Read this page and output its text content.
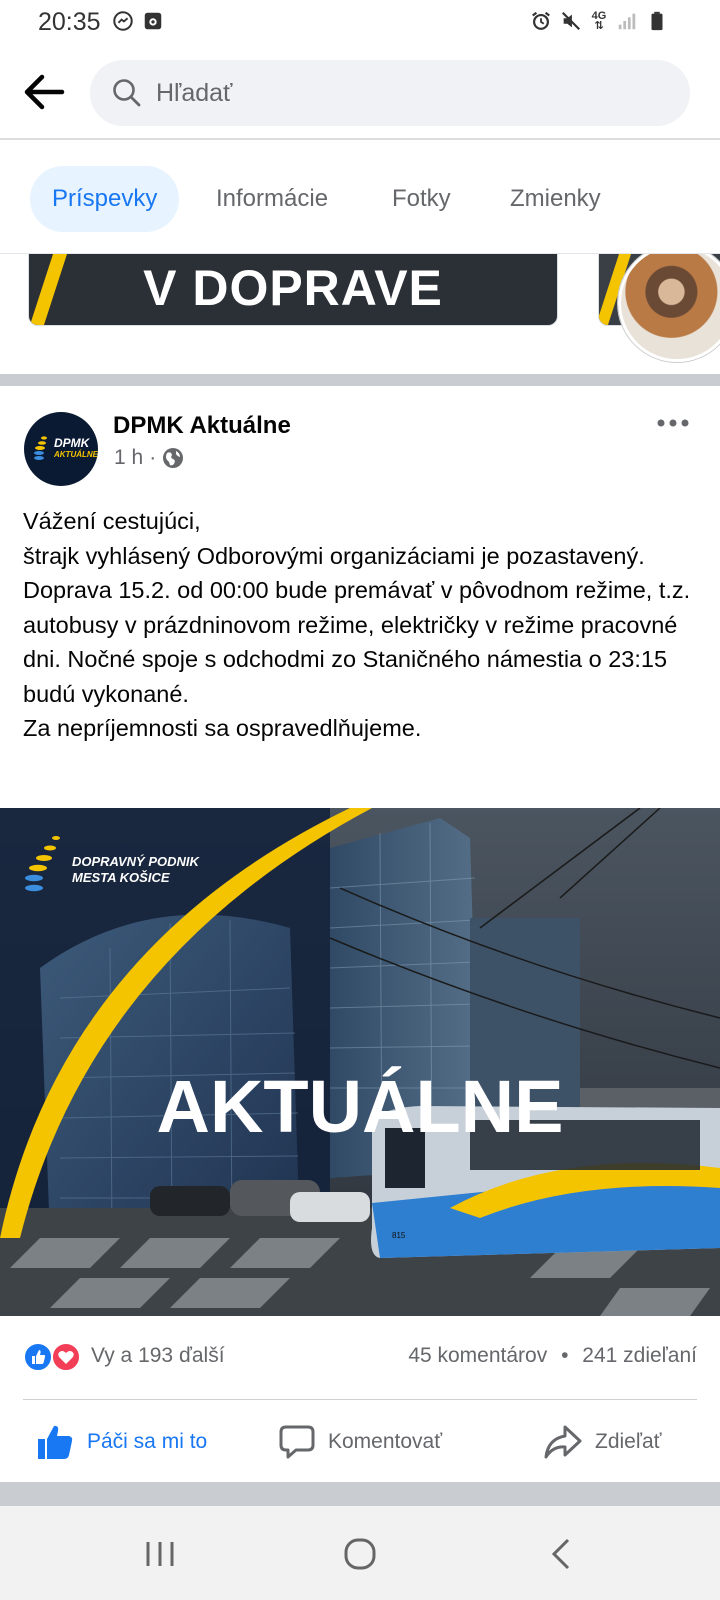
20:35	4G
⇅
Hľadať
Príspevky	Informácie	Fotky	Zmienky
V DOPRAVE
DPMK
AKTUÁLNE
DPMK Aktuálne
1 h ·
Vážení cestujúci,
štrajk vyhlásený Odborovými organizáciami je pozastavený. Doprava 15.2. od 00:00 bude premávať v pôvodnom režime, t.z. autobusy v prázdninovom režime, električky v režime pracovné dni. Nočné spoje s odchodmi zo Staničného námestia o 23:15 budú vykonané.
Za nepríjemnosti sa ospravedlňujeme.
815
DOPRAVNÝ PODNIK
MESTA KOŠICE
AKTUÁLNE
Vy a 193 ďalší	45 komentárov • 241 zdieľaní
Páči sa mi to	Komentovať	Zdieľať
